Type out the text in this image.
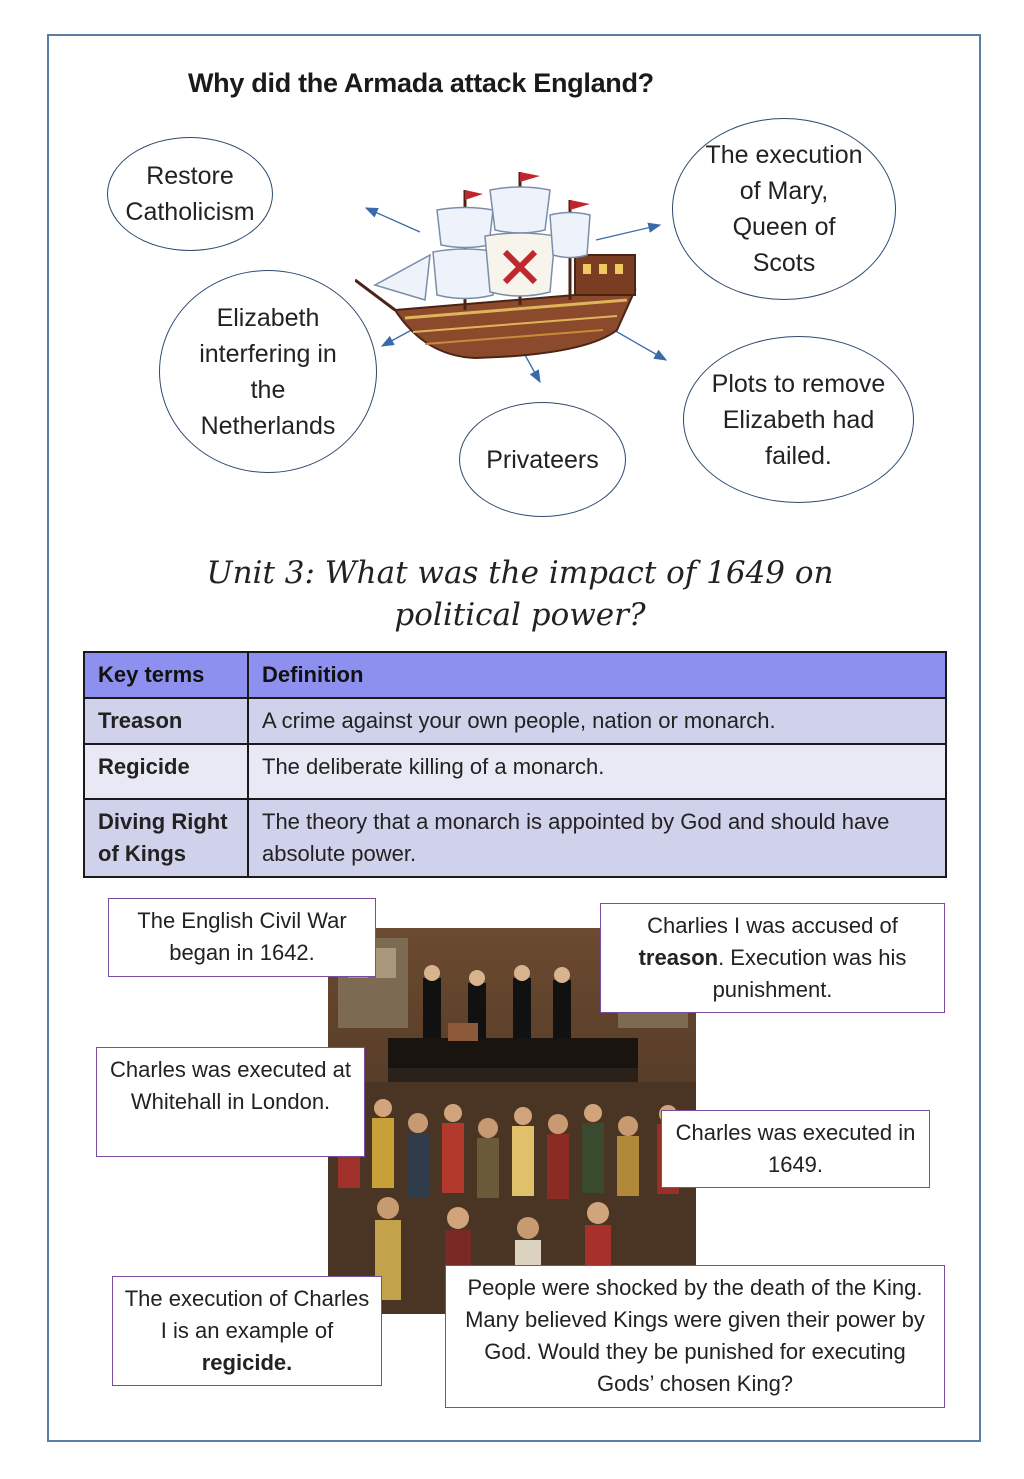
Why did the Armada attack England?
Restore
Catholicism
The execution
of Mary,
Queen of
Scots
Elizabeth
interfering in
the
Netherlands
Plots to remove
Elizabeth had
failed.
Privateers
Unit 3: What was the impact of 1649 on
political power?
Key terms	Definition
Treason	A crime against your own people, nation or monarch.
Regicide	The deliberate killing of a monarch.
Diving Right of Kings	The theory that a monarch is appointed by God and should have absolute power.
The English Civil War began in 1642.
Charlies I was accused of
treason. Execution was his punishment.
Charles was executed at Whitehall in London.
Charles was executed in 1649.
The execution of Charles I is an example of regicide.
People were shocked by the death of the King. Many believed Kings were given their power by God. Would they be punished for executing Gods’ chosen King?
